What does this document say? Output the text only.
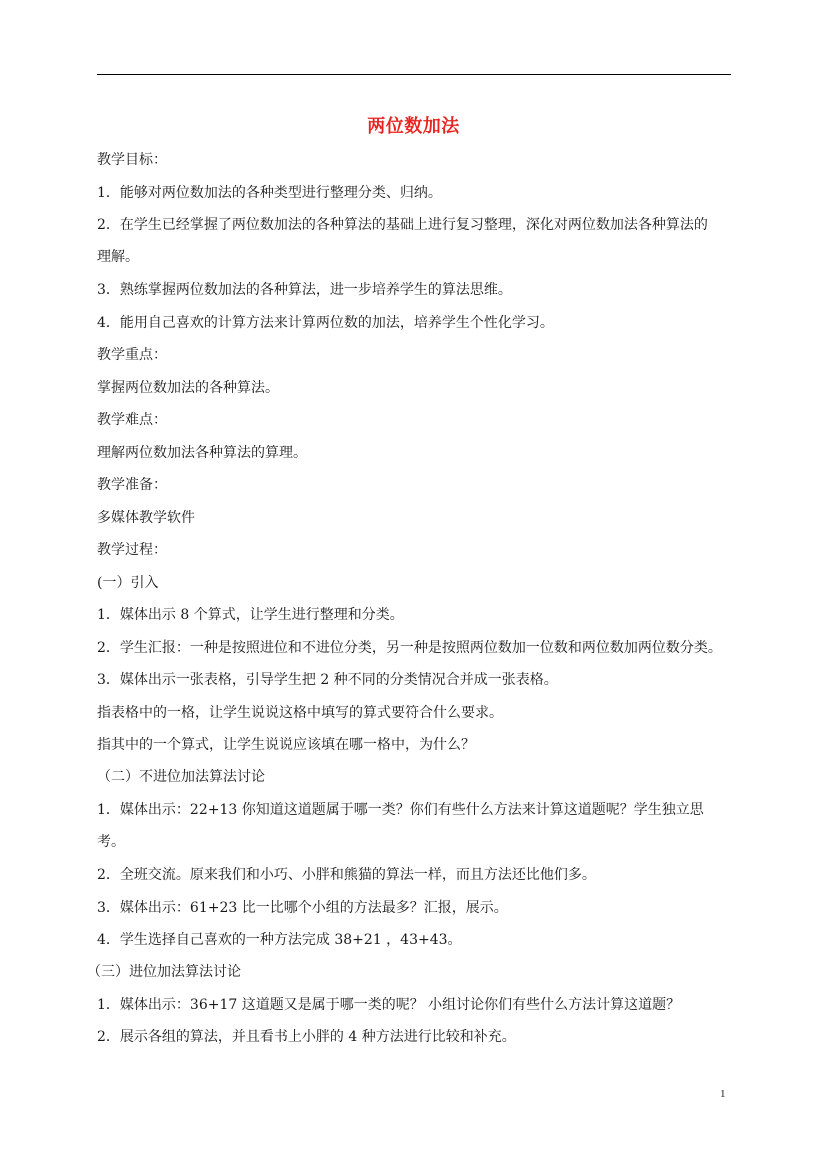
两位数加法
教学目标：
1．能够对两位数加法的各种类型进行整理分类、归纳。
2．在学生已经掌握了两位数加法的各种算法的基础上进行复习整理，深化对两位数加法各种算法的
理解。
3．熟练掌握两位数加法的各种算法，进一步培养学生的算法思维。
4．能用自己喜欢的计算方法来计算两位数的加法，培养学生个性化学习。
教学重点：
掌握两位数加法的各种算法。
教学难点：
理解两位数加法各种算法的算理。
教学准备：
多媒体教学软件
教学过程：
(一）引入
1．媒体出示 8 个算式，让学生进行整理和分类。
2．学生汇报：一种是按照进位和不进位分类，另一种是按照两位数加一位数和两位数加两位数分类。
3．媒体出示一张表格，引导学生把 2 种不同的分类情况合并成一张表格。
指表格中的一格，让学生说说这格中填写的算式要符合什么要求。
指其中的一个算式，让学生说说应该填在哪一格中，为什么？
（二）不进位加法算法讨论
1．媒体出示：22+13 你知道这道题属于哪一类？你们有些什么方法来计算这道题呢？学生独立思
考。
2．全班交流。原来我们和小巧、小胖和熊猫的算法一样，而且方法还比他们多。
3．媒体出示：61+23 比一比哪个小组的方法最多？汇报，展示。
4．学生选择自己喜欢的一种方法完成 38+21 ，43+43。
（三）进位加法算法讨论
1．媒体出示：36+17 这道题又是属于哪一类的呢？ 小组讨论你们有些什么方法计算这道题？
2．展示各组的算法，并且看书上小胖的 4 种方法进行比较和补充。
1
